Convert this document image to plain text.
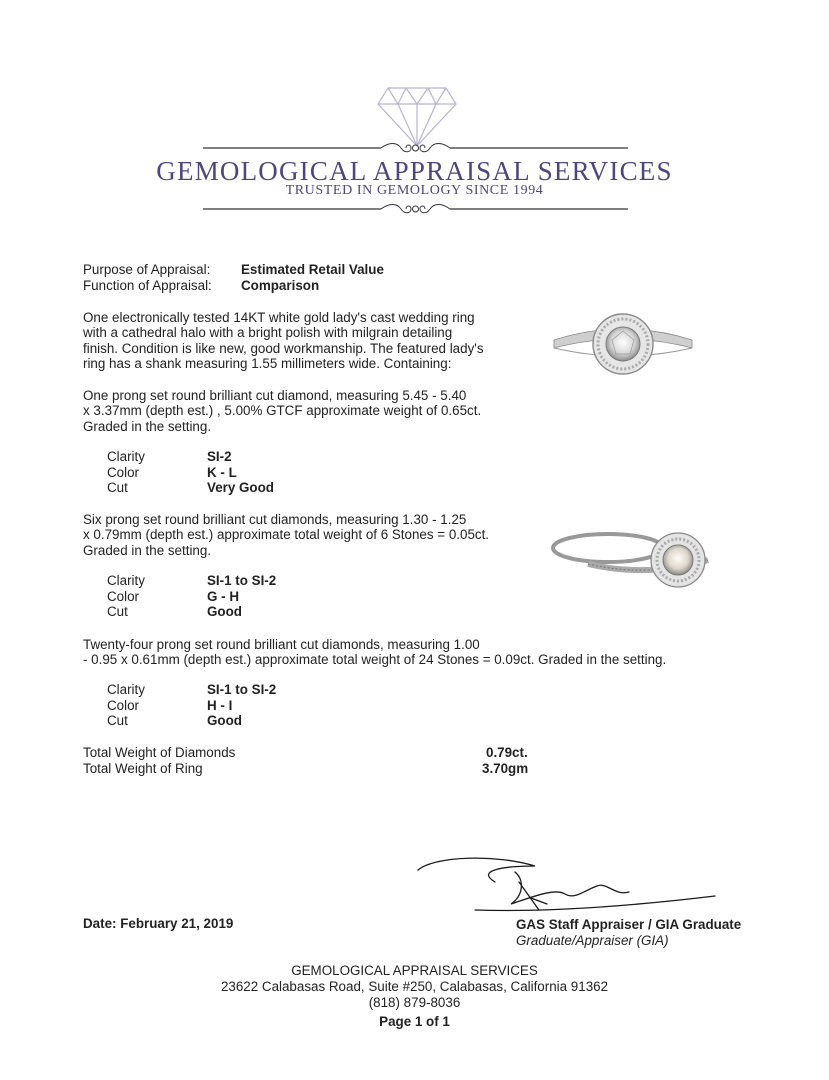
GEMOLOGICAL APPRAISAL SERVICES
TRUSTED IN GEMOLOGY SINCE 1994
Purpose of Appraisal: Estimated Retail Value
Function of Appraisal: Comparison
One electronically tested 14KT white gold lady's cast wedding ring
with a cathedral halo with a bright polish with milgrain detailing
finish. Condition is like new, good workmanship. The featured lady's
ring has a shank measuring 1.55 millimeters wide. Containing:
One prong set round brilliant cut diamond, measuring 5.45 - 5.40
x 3.37mm (depth est.) , 5.00% GTCF approximate weight of 0.65ct.
Graded in the setting.
Clarity	SI-2
Color	K - L
Cut	Very Good
Six prong set round brilliant cut diamonds, measuring 1.30 - 1.25
x 0.79mm (depth est.) approximate total weight of 6 Stones = 0.05ct.
Graded in the setting.
Clarity	SI-1 to SI-2
Color	G - H
Cut	Good
Twenty-four prong set round brilliant cut diamonds, measuring 1.00
- 0.95 x 0.61mm (depth est.) approximate total weight of 24 Stones = 0.09ct. Graded in the setting.
Clarity	SI-1 to SI-2
Color	H - I
Cut	Good
Total Weight of Diamonds	0.79ct.
Total Weight of Ring	3.70gm
Date: February 21, 2019	GAS Staff Appraiser / GIA Graduate
Graduate/Appraiser (GIA)
GEMOLOGICAL APPRAISAL SERVICES
23622 Calabasas Road, Suite #250, Calabasas, California 91362
(818) 879-8036
Page 1 of 1
